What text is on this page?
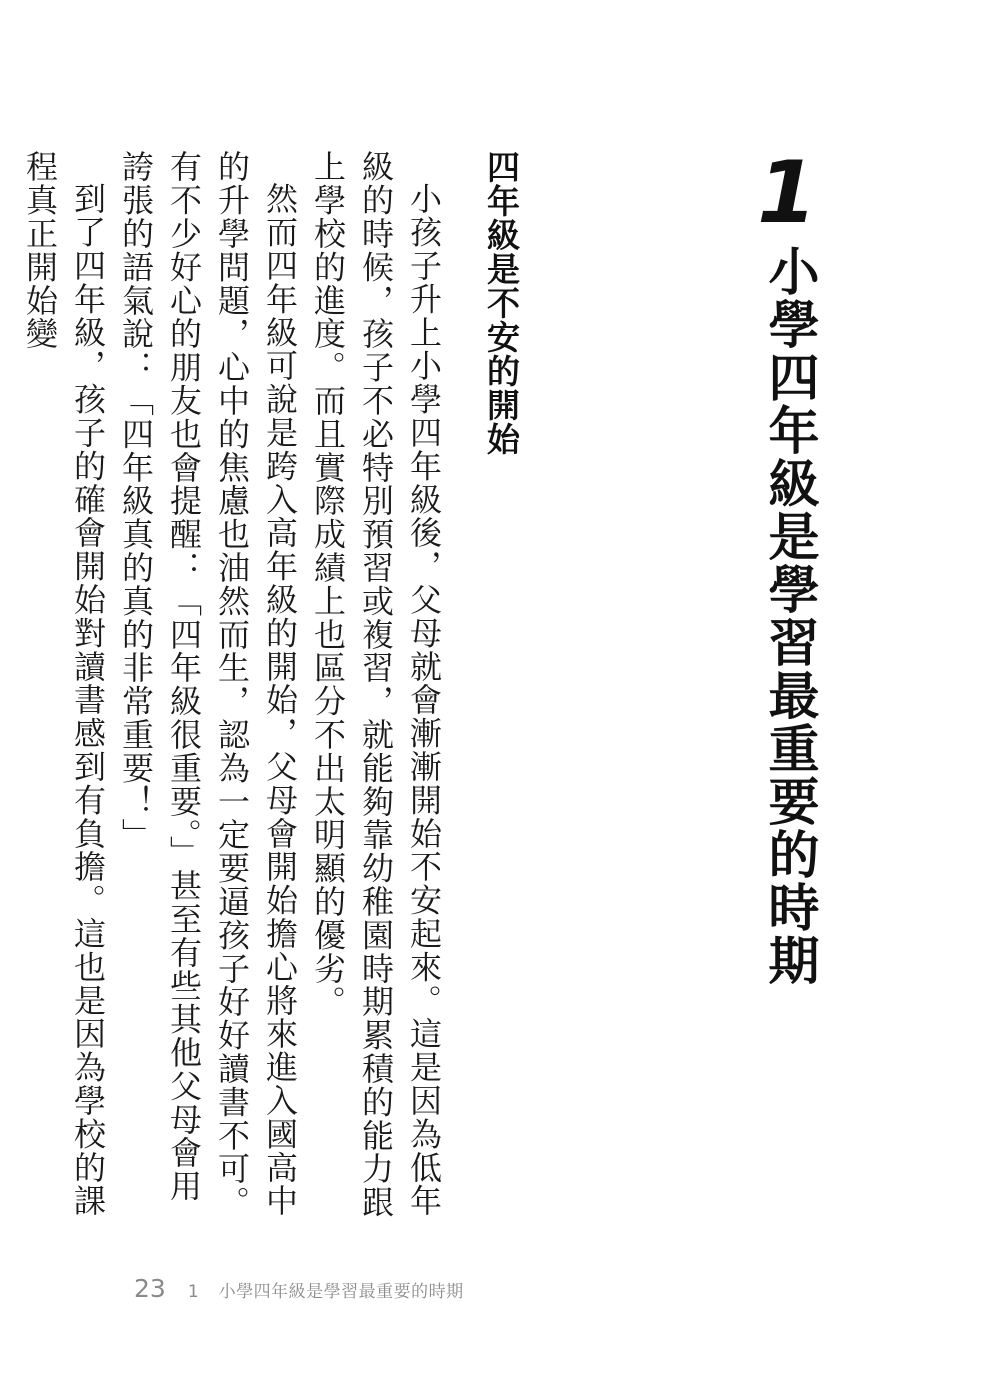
1
小學四年級是學習最重要的時期
四年級是不安的開始

小孩子升上小學四年級後，父母就會漸漸開始不安起來。這是因為低年級的時候，孩子不必特別預習或複習，就能夠靠幼稚園時期累積的能力跟上學校的進度。而且實際成績上也區分不出太明顯的優劣。

然而四年級可說是跨入高年級的開始，父母會開始擔心將來進入國高中的升學問題，心中的焦慮也油然而生，認為一定要逼孩子好好讀書不可。有不少好心的朋友也會提醒：「四年級很重要。」甚至有些其他父母會用誇張的語氣說：「四年級真的真的非常重要！」

到了四年級，孩子的確會開始對讀書感到有負擔。這也是因為學校的課程真正開始變

23 1 小學四年級是學習最重要的時期
